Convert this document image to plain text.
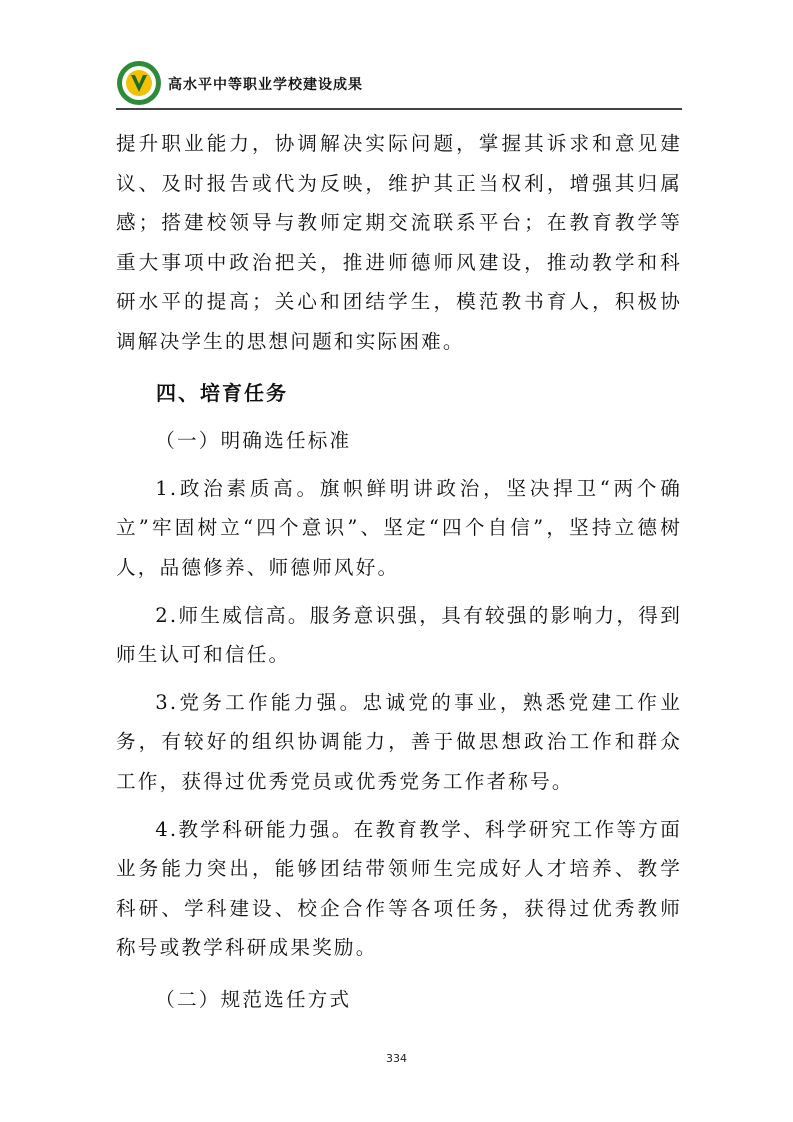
高水平中等职业学校建设成果

提升职业能力，协调解决实际问题，掌握其诉求和意见建议、及时报告或代为反映，维护其正当权利，增强其归属感；搭建校领导与教师定期交流联系平台；在教育教学等重大事项中政治把关，推进师德师风建设，推动教学和科研水平的提高；关心和团结学生，模范教书育人，积极协调解决学生的思想问题和实际困难。

四、培育任务

（一）明确选任标准

1.政治素质高。旗帜鲜明讲政治，坚决捍卫“两个确立”牢固树立“四个意识”、坚定“四个自信”，坚持立德树人，品德修养、师德师风好。

2.师生威信高。服务意识强，具有较强的影响力，得到师生认可和信任。

3.党务工作能力强。忠诚党的事业，熟悉党建工作业务，有较好的组织协调能力，善于做思想政治工作和群众工作，获得过优秀党员或优秀党务工作者称号。

4.教学科研能力强。在教育教学、科学研究工作等方面业务能力突出，能够团结带领师生完成好人才培养、教学科研、学科建设、校企合作等各项任务，获得过优秀教师称号或教学科研成果奖励。

（二）规范选任方式

334
